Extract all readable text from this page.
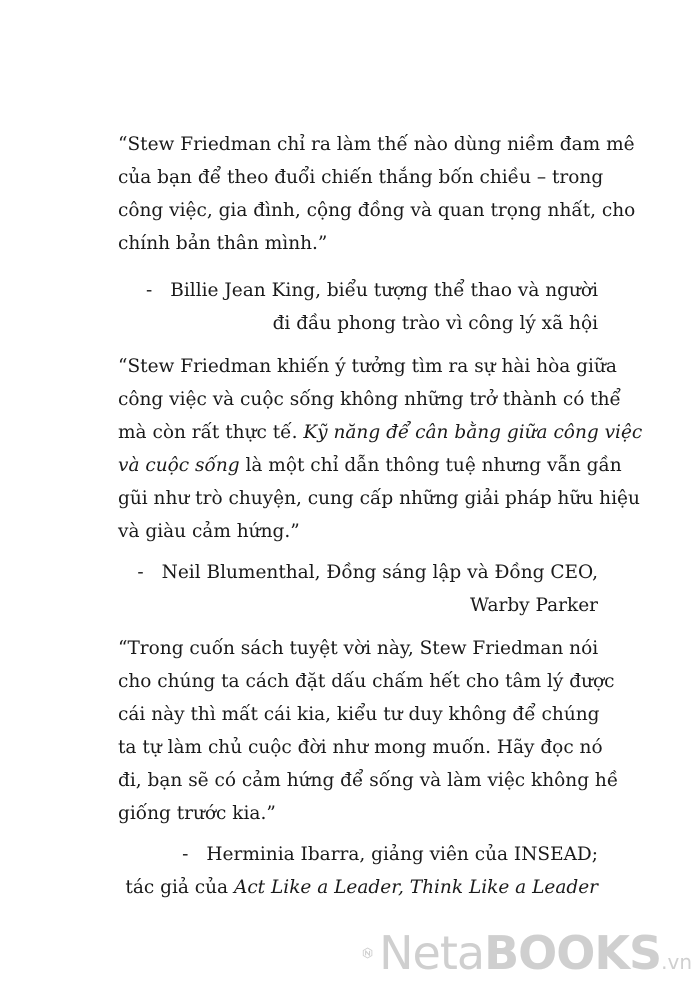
“Stew Friedman chỉ ra làm thế nào dùng niềm đam mê
của bạn để theo đuổi chiến thắng bốn chiều – trong
công việc, gia đình, cộng đồng và quan trọng nhất, cho
chính bản thân mình.”

- Billie Jean King, biểu tượng thể thao và người
đi đầu phong trào vì công lý xã hội

“Stew Friedman khiến ý tưởng tìm ra sự hài hòa giữa
công việc và cuộc sống không những trở thành có thể
mà còn rất thực tế. Kỹ năng để cân bằng giữa công việc
và cuộc sống là một chỉ dẫn thông tuệ nhưng vẫn gần
gũi như trò chuyện, cung cấp những giải pháp hữu hiệu
và giàu cảm hứng.”

- Neil Blumenthal, Đồng sáng lập và Đồng CEO,
Warby Parker

“Trong cuốn sách tuyệt vời này, Stew Friedman nói
cho chúng ta cách đặt dấu chấm hết cho tâm lý được
cái này thì mất cái kia, kiểu tư duy không để chúng
ta tự làm chủ cuộc đời như mong muốn. Hãy đọc nó
đi, bạn sẽ có cảm hứng để sống và làm việc không hề
giống trước kia.”

- Herminia Ibarra, giảng viên của INSEAD;
tác giả của Act Like a Leader, Think Like a Leader

NetaBOOKS.vn
